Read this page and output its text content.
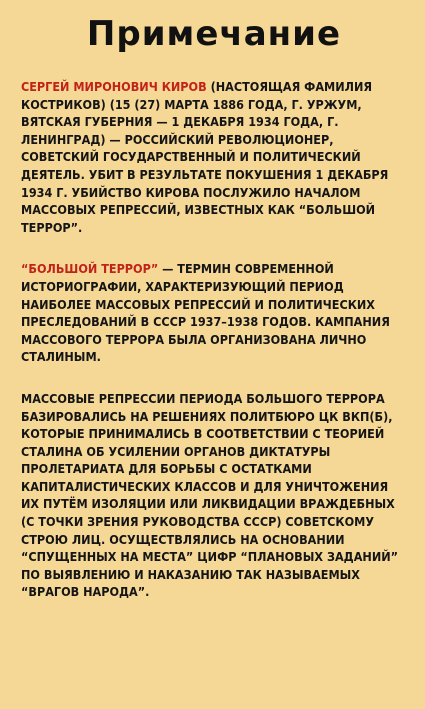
Примечание

СЕРГЕЙ МИРОНОВИЧ КИРОВ (НАСТОЯЩАЯ ФАМИЛИЯ КОСТРИКОВ) (15 (27) МАРТА 1886 ГОДА, Г. УРЖУМ, ВЯТСКАЯ ГУБЕРНИЯ — 1 ДЕКАБРЯ 1934 ГОДА, Г. ЛЕНИНГРАД) — РОССИЙСКИЙ РЕВОЛЮЦИОНЕР, СОВЕТСКИЙ ГОСУДАРСТВЕННЫЙ И ПОЛИТИЧЕСКИЙ ДЕЯТЕЛЬ. УБИТ В РЕЗУЛЬТАТЕ ПОКУШЕНИЯ 1 ДЕКАБРЯ 1934 Г. УБИЙСТВО КИРОВА ПОСЛУЖИЛО НАЧАЛОМ МАССОВЫХ РЕПРЕССИЙ, ИЗВЕСТНЫХ КАК “БОЛЬШОЙ ТЕРРОР”.

“БОЛЬШОЙ ТЕРРОР” — ТЕРМИН СОВРЕМЕННОЙ ИСТОРИОГРАФИИ, ХАРАКТЕРИЗУЮЩИЙ ПЕРИОД НАИБОЛЕЕ МАССОВЫХ РЕПРЕССИЙ И ПОЛИТИЧЕСКИХ ПРЕСЛЕДОВАНИЙ В СССР 1937–1938 ГОДОВ. КАМПАНИЯ МАССОВОГО ТЕРРОРА БЫЛА ОРГАНИЗОВАНА ЛИЧНО СТАЛИНЫМ.

МАССОВЫЕ РЕПРЕССИИ ПЕРИОДА БОЛЬШОГО ТЕРРОРА БАЗИРОВАЛИСЬ НА РЕШЕНИЯХ ПОЛИТБЮРО ЦК ВКП(Б), КОТОРЫЕ ПРИНИМАЛИСЬ В СООТВЕТСТВИИ С ТЕОРИЕЙ СТАЛИНА ОБ УСИЛЕНИИ ОРГАНОВ ДИКТАТУРЫ ПРОЛЕТАРИАТА ДЛЯ БОРЬБЫ С ОСТАТКАМИ КАПИТАЛИСТИЧЕСКИХ КЛАССОВ И ДЛЯ УНИЧТОЖЕНИЯ ИХ ПУТЁМ ИЗОЛЯЦИИ ИЛИ ЛИКВИДАЦИИ ВРАЖДЕБНЫХ (С ТОЧКИ ЗРЕНИЯ РУКОВОДСТВА СССР) СОВЕТСКОМУ СТРОЮ ЛИЦ. ОСУЩЕСТВЛЯЛИСЬ НА ОСНОВАНИИ “СПУЩЕННЫХ НА МЕСТА” ЦИФР “ПЛАНОВЫХ ЗАДАНИЙ” ПО ВЫЯВЛЕНИЮ И НАКАЗАНИЮ ТАК НАЗЫВАЕМЫХ “ВРАГОВ НАРОДА”.
